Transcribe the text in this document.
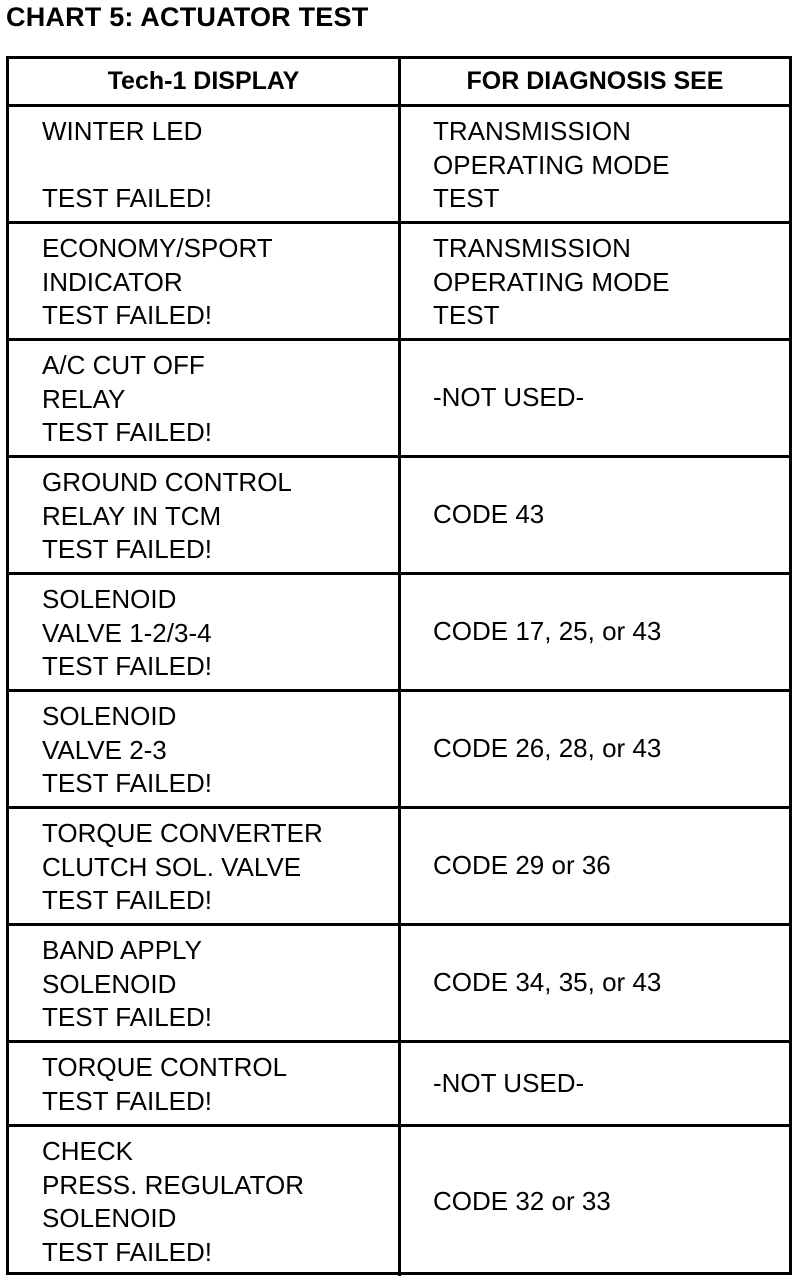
CHART 5: ACTUATOR TEST
Tech-1 DISPLAY	FOR DIAGNOSIS SEE
WINTER LED

TEST FAILED!
TRANSMISSION
OPERATING MODE
TEST
ECONOMY/SPORT
INDICATOR
TEST FAILED!
TRANSMISSION
OPERATING MODE
TEST
A/C CUT OFF
RELAY
TEST FAILED!
-NOT USED-
GROUND CONTROL
RELAY IN TCM
TEST FAILED!
CODE 43
SOLENOID
VALVE 1-2/3-4
TEST FAILED!
CODE 17, 25, or 43
SOLENOID
VALVE 2-3
TEST FAILED!
CODE 26, 28, or 43
TORQUE CONVERTER
CLUTCH SOL. VALVE
TEST FAILED!
CODE 29 or 36
BAND APPLY
SOLENOID
TEST FAILED!
CODE 34, 35, or 43
TORQUE CONTROL
TEST FAILED!
-NOT USED-
CHECK
PRESS. REGULATOR
SOLENOID
TEST FAILED!
CODE 32 or 33
